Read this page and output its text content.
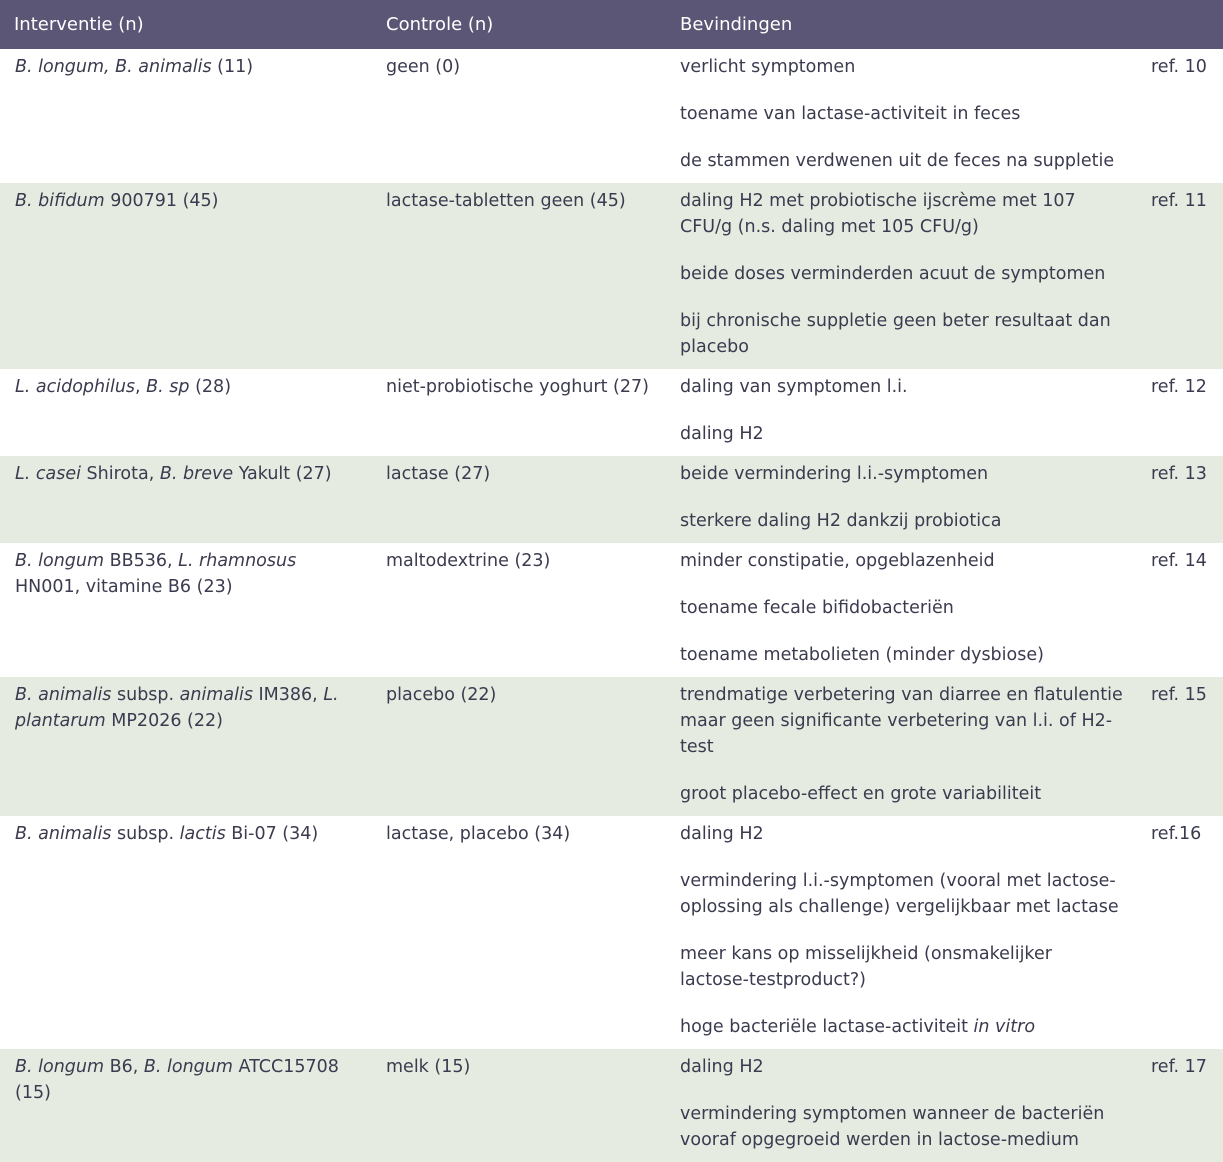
Interventie (n)	Controle (n)	Bevindingen	

B. longum, B. animalis (11)	geen (0)	verlicht symptomen
toename van lactase-activiteit in feces
de stammen verdwenen uit de feces na suppletie	ref. 10

B. bifidum 900791 (45)	lactase-tabletten geen (45)	daling H2 met probiotische ijscrème met 107 CFU/g (n.s. daling met 105 CFU/g)
beide doses verminderden acuut de symptomen
bij chronische suppletie geen beter resultaat dan placebo	ref. 11

L. acidophilus, B. sp (28)	niet-probiotische yoghurt (27)	daling van symptomen l.i.
daling H2	ref. 12

L. casei Shirota, B. breve Yakult (27)	lactase (27)	beide vermindering l.i.-symptomen
sterkere daling H2 dankzij probiotica	ref. 13

B. longum BB536, L. rhamnosus HN001, vitamine B6 (23)	maltodextrine (23)	minder constipatie, opgeblazenheid
toename fecale bifidobacteriën
toename metabolieten (minder dysbiose)	ref. 14

B. animalis subsp. animalis IM386, L. plantarum MP2026 (22)	placebo (22)	trendmatige verbetering van diarree en flatulentie maar geen significante verbetering van l.i. of H2-test
groot placebo-effect en grote variabiliteit	ref. 15

B. animalis subsp. lactis Bi-07 (34)	lactase, placebo (34)	daling H2
vermindering l.i.-symptomen (vooral met lactose-oplossing als challenge) vergelijkbaar met lactase
meer kans op misselijkheid (onsmakelijker lactose-testproduct?)
hoge bacteriële lactase-activiteit in vitro	ref.16

B. longum B6, B. longum ATCC15708 (15)	melk (15)	daling H2
vermindering symptomen wanneer de bacteriën vooraf opgegroeid werden in lactose-medium	ref. 17
